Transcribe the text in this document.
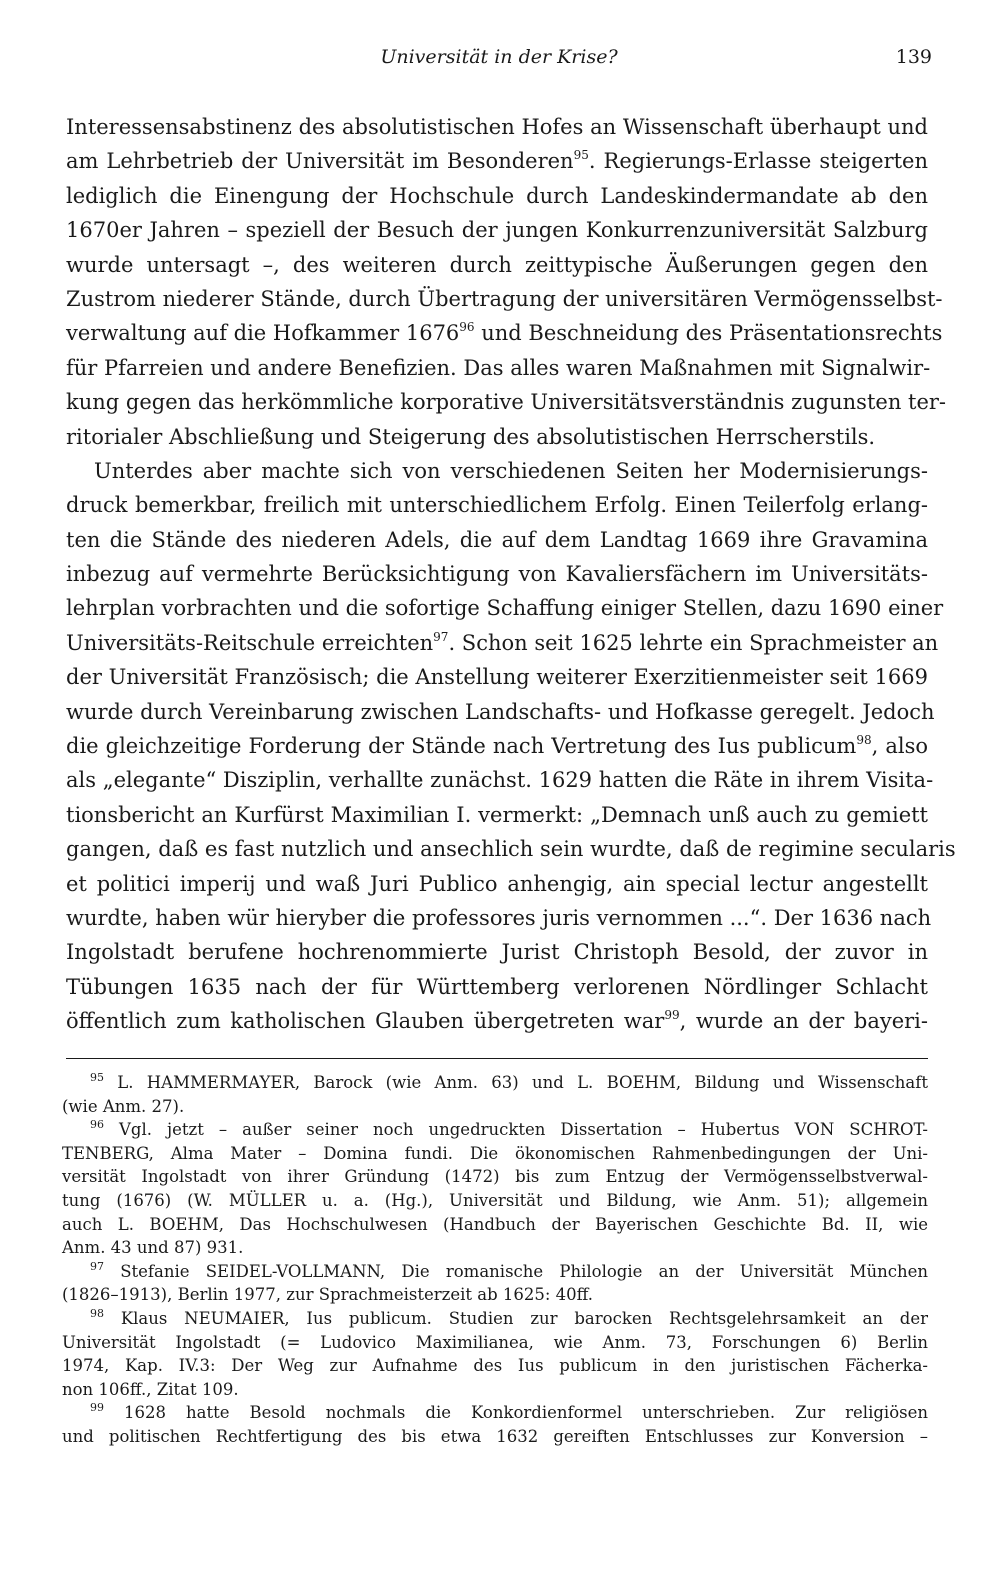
Universität in der Krise?	139
Interessensabstinenz des absolutistischen Hofes an Wissenschaft überhaupt und
am Lehrbetrieb der Universität im Besonderen$^{95}$. Regierungs-Erlasse steigerten
lediglich die Einengung der Hochschule durch Landeskindermandate ab den
1670er Jahren – speziell der Besuch der jungen Konkurrenzuniversität Salzburg
wurde untersagt –, des weiteren durch zeittypische Äußerungen gegen den
Zustrom niederer Stände, durch Übertragung der universitären Vermögensselbst-
verwaltung auf die Hofkammer 1676$^{96}$ und Beschneidung des Präsentationsrechts
für Pfarreien und andere Benefizien. Das alles waren Maßnahmen mit Signalwir-
kung gegen das herkömmliche korporative Universitätsverständnis zugunsten ter-
ritorialer Abschließung und Steigerung des absolutistischen Herrscherstils.
Unterdes aber machte sich von verschiedenen Seiten her Modernisierungs-
druck bemerkbar, freilich mit unterschiedlichem Erfolg. Einen Teilerfolg erlang-
ten die Stände des niederen Adels, die auf dem Landtag 1669 ihre Gravamina
inbezug auf vermehrte Berücksichtigung von Kavaliersfächern im Universitäts-
lehrplan vorbrachten und die sofortige Schaffung einiger Stellen, dazu 1690 einer
Universitäts-Reitschule erreichten$^{97}$. Schon seit 1625 lehrte ein Sprachmeister an
der Universität Französisch; die Anstellung weiterer Exerzitienmeister seit 1669
wurde durch Vereinbarung zwischen Landschafts- und Hofkasse geregelt. Jedoch
die gleichzeitige Forderung der Stände nach Vertretung des Ius publicum$^{98}$, also
als „elegante“ Disziplin, verhallte zunächst. 1629 hatten die Räte in ihrem Visita-
tionsbericht an Kurfürst Maximilian I. vermerkt: „Demnach unß auch zu gemiett
gangen, daß es fast nutzlich und ansechlich sein wurdte, daß de regimine secularis
et politici imperij und waß Juri Publico anhengig, ain special lectur angestellt
wurdte, haben wür hieryber die professores juris vernommen ...“. Der 1636 nach
Ingolstadt berufene hochrenommierte Jurist Christoph Besold, der zuvor in
Tübungen 1635 nach der für Württemberg verlorenen Nördlinger Schlacht
öffentlich zum katholischen Glauben übergetreten war$^{99}$, wurde an der bayeri-
$^{95}$ L. HAMMERMAYER, Barock (wie Anm. 63) und L. BOEHM, Bildung und Wissenschaft
(wie Anm. 27).
$^{96}$ Vgl. jetzt – außer seiner noch ungedruckten Dissertation – Hubertus VON SCHROT-
TENBERG, Alma Mater – Domina fundi. Die ökonomischen Rahmenbedingungen der Uni-
versität Ingolstadt von ihrer Gründung (1472) bis zum Entzug der Vermögensselbstverwal-
tung (1676) (W. MÜLLER u. a. (Hg.), Universität und Bildung, wie Anm. 51); allgemein
auch L. BOEHM, Das Hochschulwesen (Handbuch der Bayerischen Geschichte Bd. II, wie
Anm. 43 und 87) 931.
$^{97}$ Stefanie SEIDEL-VOLLMANN, Die romanische Philologie an der Universität München
(1826–1913), Berlin 1977, zur Sprachmeisterzeit ab 1625: 40ff.
$^{98}$ Klaus NEUMAIER, Ius publicum. Studien zur barocken Rechtsgelehrsamkeit an der
Universität Ingolstadt (= Ludovico Maximilianea, wie Anm. 73, Forschungen 6) Berlin
1974, Kap. IV.3: Der Weg zur Aufnahme des Ius publicum in den juristischen Fächerka-
non 106ff., Zitat 109.
$^{99}$ 1628 hatte Besold nochmals die Konkordienformel unterschrieben. Zur religiösen
und politischen Rechtfertigung des bis etwa 1632 gereiften Entschlusses zur Konversion –
